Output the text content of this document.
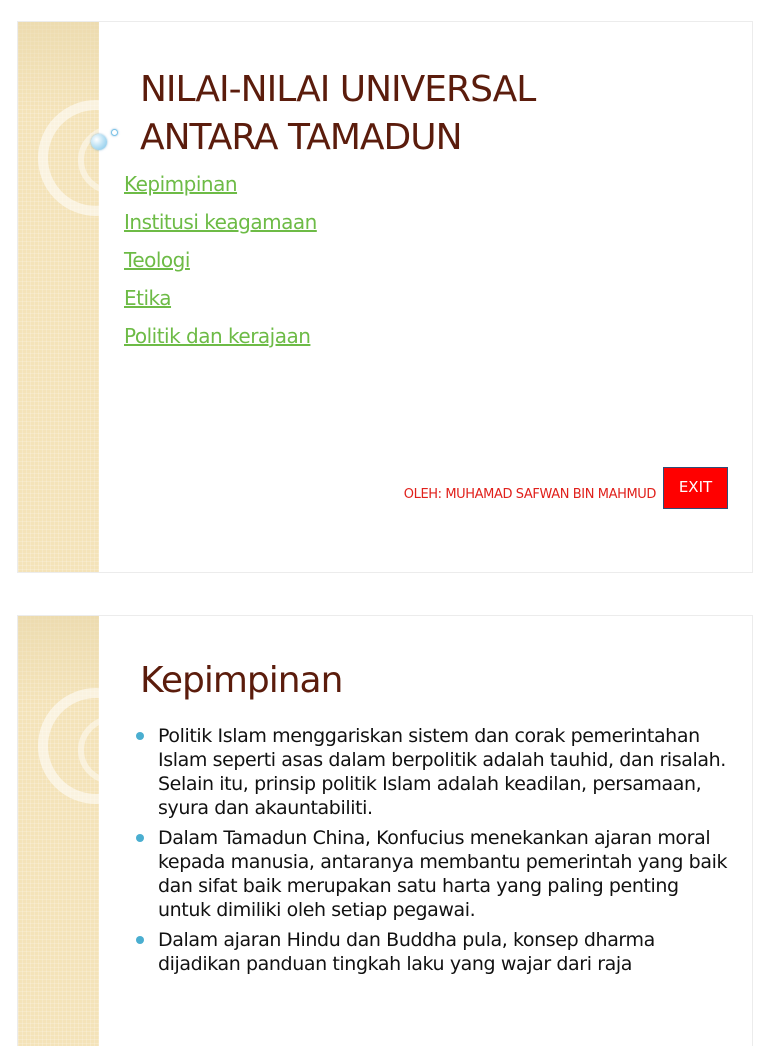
NILAI-NILAI UNIVERSAL
ANTARA TAMADUN
Kepimpinan
Institusi keagamaan
Teologi
Etika
Politik dan kerajaan
OLEH: MUHAMAD SAFWAN BIN MAHMUD	EXIT
Kepimpinan
Politik Islam menggariskan sistem dan corak pemerintahan Islam seperti asas dalam berpolitik adalah tauhid, dan risalah. Selain itu, prinsip politik Islam adalah keadilan, persamaan, syura dan akauntabiliti.
Dalam Tamadun China, Konfucius menekankan ajaran moral kepada manusia, antaranya membantu pemerintah yang baik dan sifat baik merupakan satu harta yang paling penting untuk dimiliki oleh setiap pegawai.
Dalam ajaran Hindu dan Buddha pula, konsep dharma dijadikan panduan tingkah laku yang wajar dari raja
